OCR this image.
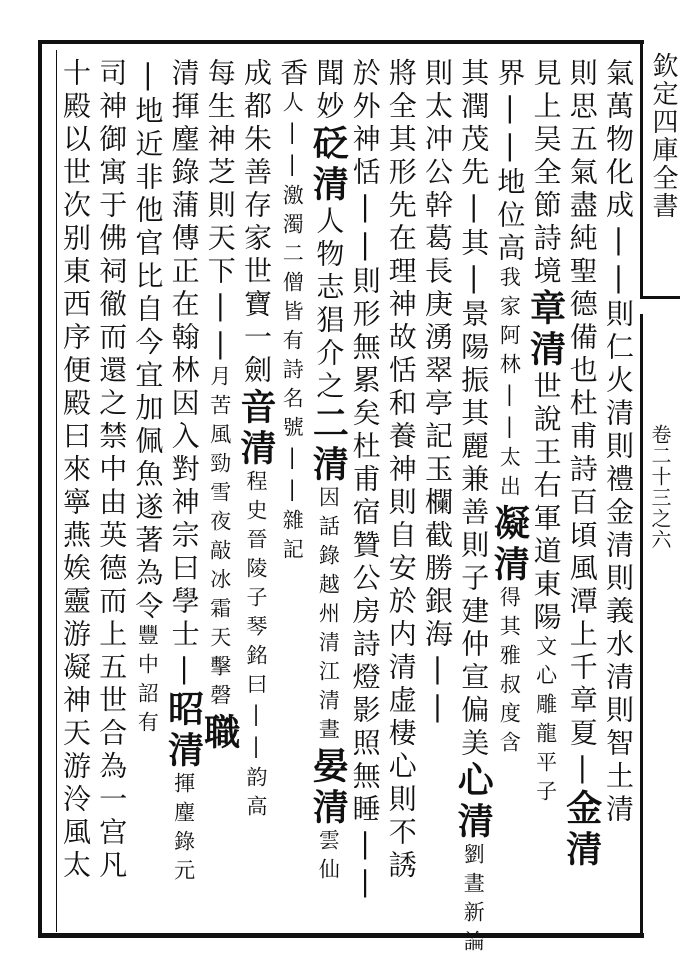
欽定四庫全書
卷二十三之六
氣萬物化成||則仁火清則禮金清則義水清則智土清
則思五氣盡純聖德備也杜甫詩百頃風潭上千章夏|金清
見上吴全節詩境章清世說王右軍道東陽文心雕龍平子
界||地位高我家阿林||太出凝清得其雅叔度含
其潤茂先|其|景陽振其麗兼善則子建仲宣偏美心清劉晝新論
則太冲公幹葛長庚湧翠亭記玉欄截勝銀海||
將全其形先在理神故恬和養神則自安於内清虚棲心則不誘
於外神恬||則形無累矣杜甫宿贊公房詩燈影照無睡||
聞妙砭清人物志猖介之二清因話錄越州清江清晝晏清雲仙
香人||激濁二僧皆有詩名號||雜記
成都朱善存家世寶一劍音清程史晉陵子琴銘曰||韵高
每生神芝則天下||月苦風勁雪夜敲冰霜天擊磬職
清揮麈錄蒲傳正在翰林因入對神宗曰學士|昭清揮麈錄元
|地近非他官比自今宜加佩魚遂著為令豐中詔有
司神御寓于佛祠徹而還之禁中由英德而上五世合為一宫凡
十殿以世次别東西序便殿曰來寧燕娭靈游凝神天游泠風太
